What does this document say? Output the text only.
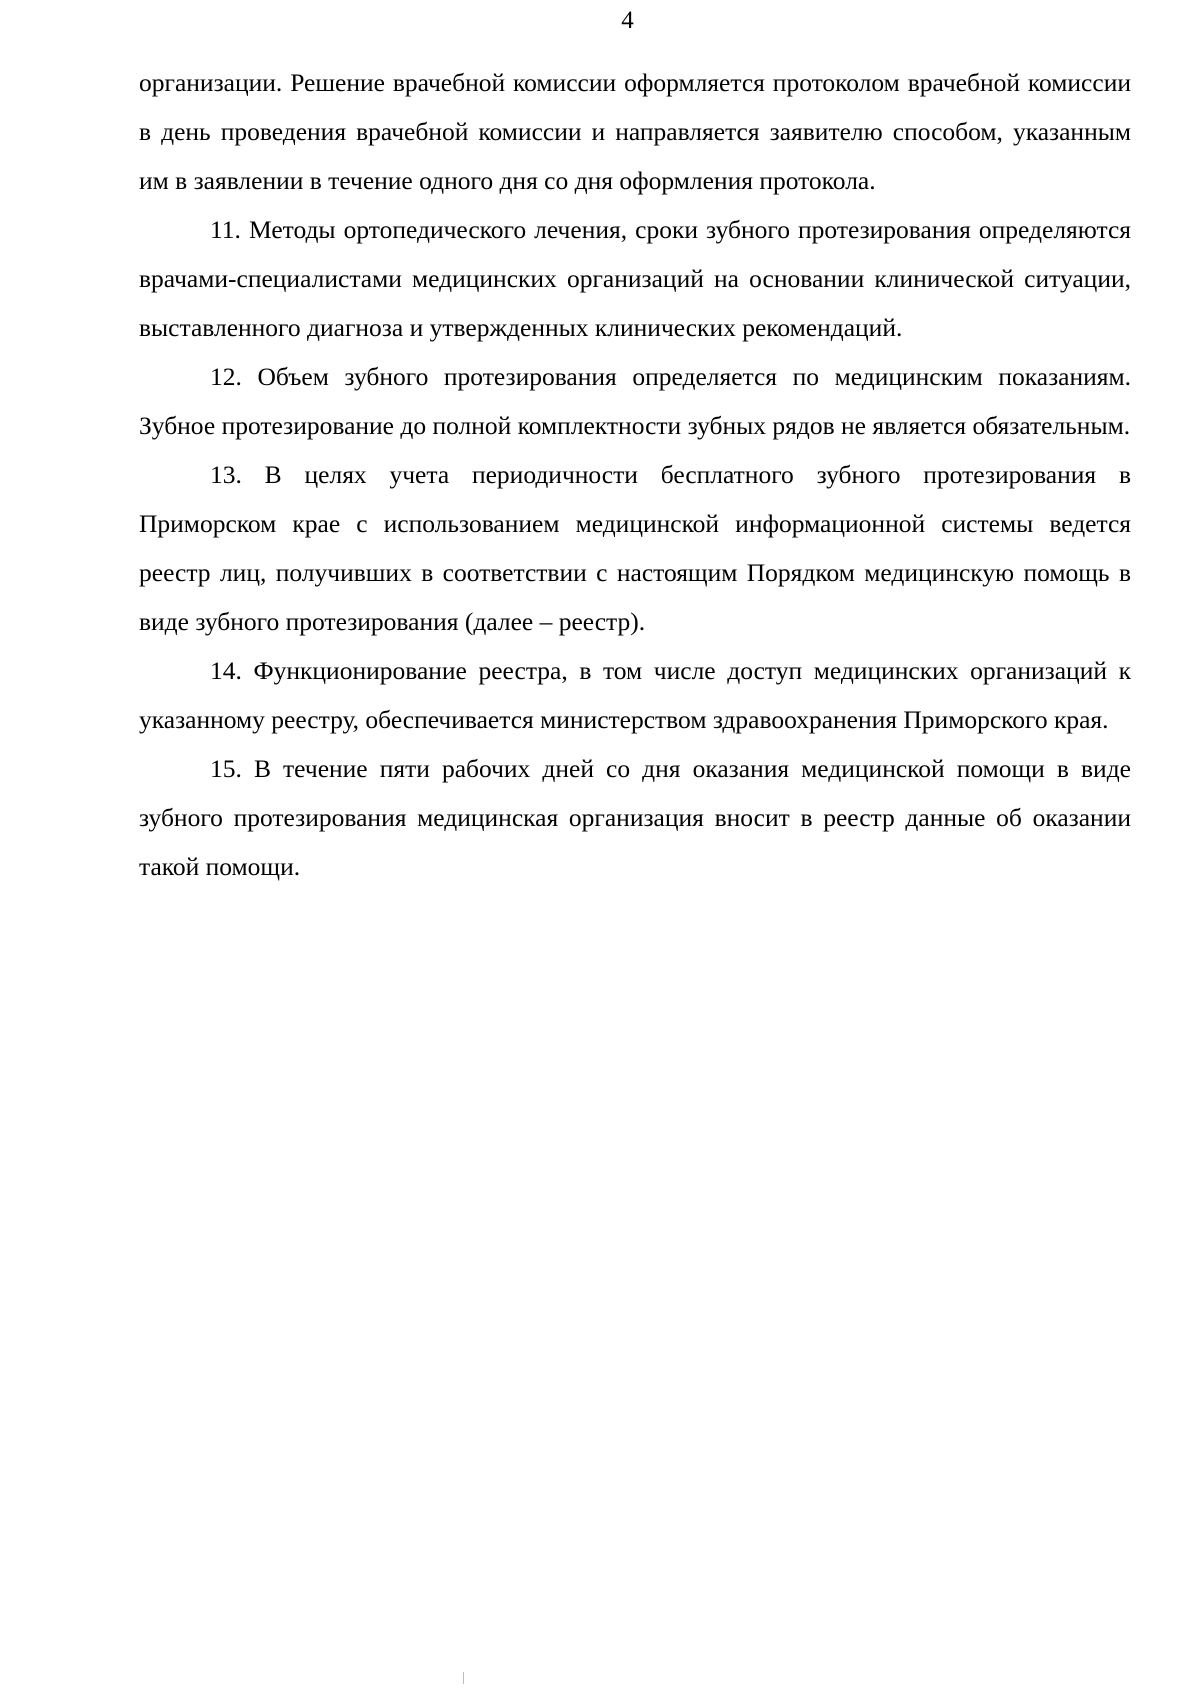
4

организации. Решение врачебной комиссии оформляется протоколом врачебной комиссии в день проведения врачебной комиссии и направляется заявителю способом, указанным им в заявлении в течение одного дня со дня оформления протокола.

11. Методы ортопедического лечения, сроки зубного протезирования определяются врачами-специалистами медицинских организаций на основании клинической ситуации, выставленного диагноза и утвержденных клинических рекомендаций.

12. Объем зубного протезирования определяется по медицинским показаниям. Зубное протезирование до полной комплектности зубных рядов не является обязательным.

13. В целях учета периодичности бесплатного зубного протезирования в Приморском крае с использованием медицинской информационной системы ведется реестр лиц, получивших в соответствии с настоящим Порядком медицинскую помощь в виде зубного протезирования (далее – реестр).

14. Функционирование реестра, в том числе доступ медицинских организаций к указанному реестру, обеспечивается министерством здравоохранения Приморского края.

15. В течение пяти рабочих дней со дня оказания медицинской помощи в виде зубного протезирования медицинская организация вносит в реестр данные об оказании такой помощи.
